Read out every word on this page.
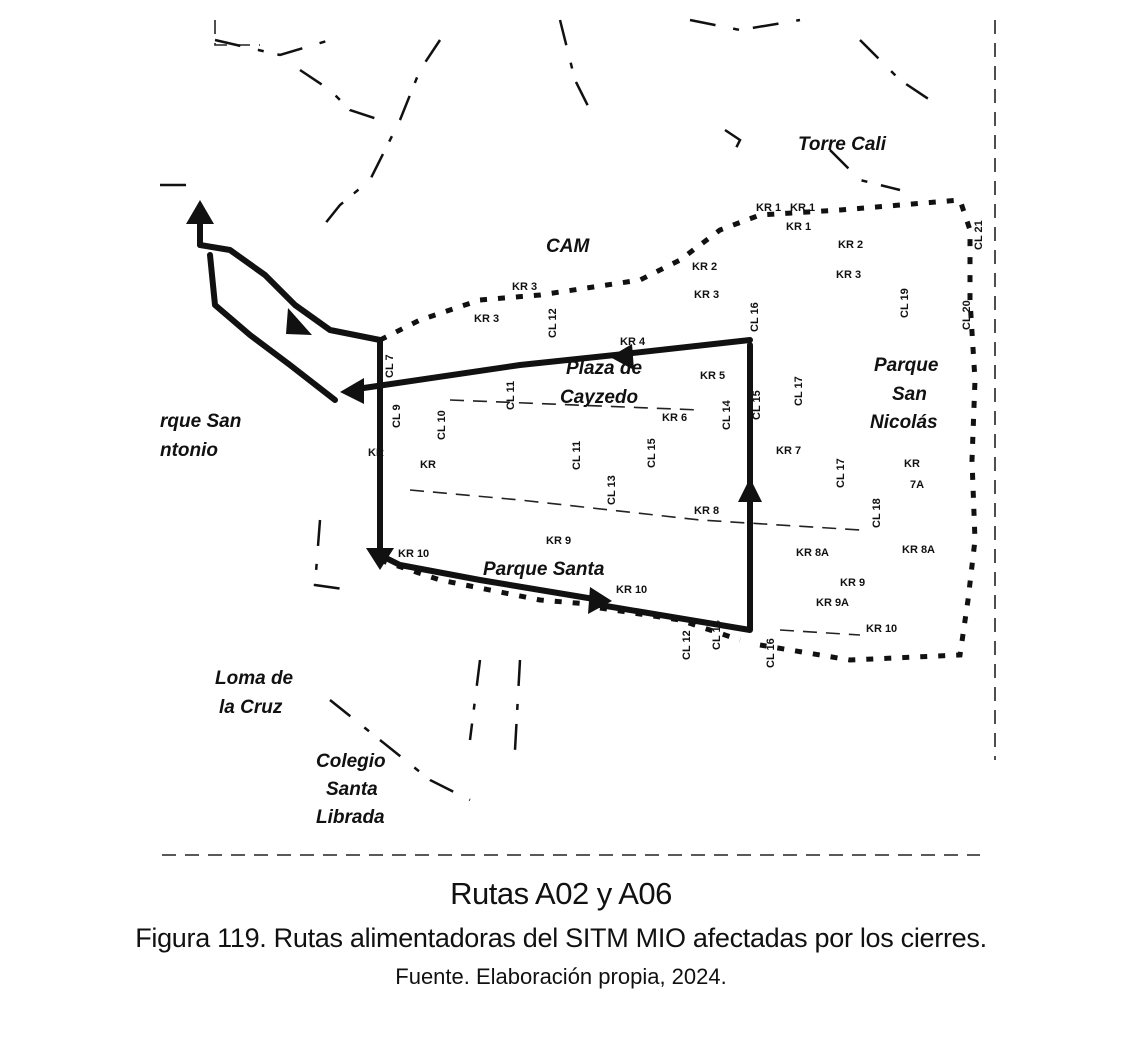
Torre Cali
CAM
rque San
ntonio
Plaza de
Cayzedo
Parque
San
Nicolás
Parque Santa
Loma de
la Cruz
Colegio
Santa
Librada
KR 1 KR 1
KR 1
KR 2
KR 3
KR 2
KR 3
KR 3
KR 3
KR 4
KR 5
KR 6
KR 7
KR
7A
KR 8
KR 8A	KR 8A
KR 9
KR 9
KR 9A
KR 10
KR 10
KR 10
KR
KR
CL 7
CL 9	CL 10
CL 11
CL 12
CL 11
CL 13
CL 15
CL 14 CL 15
CL 16
CL 17
CL 17
CL 18
CL 19	CL 20
CL 21
CL 12 CL 14
CL 16

Rutas A02 y A06

Figura 119. Rutas alimentadoras del SITM MIO afectadas por los cierres.

Fuente. Elaboración propia, 2024.
